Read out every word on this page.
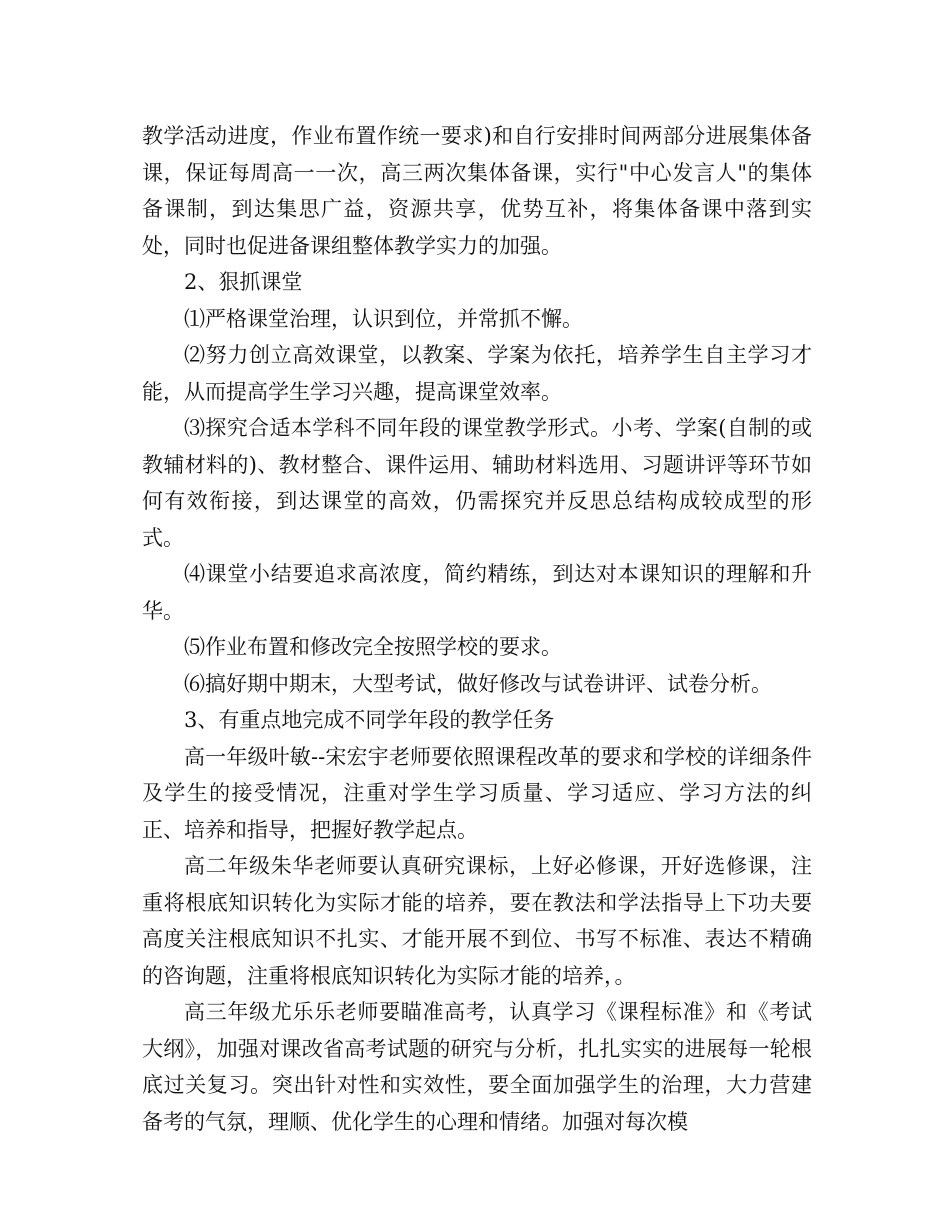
教学活动进度，作业布置作统一要求)和自行安排时间两部分进展集体备课，保证每周高一一次，高三两次集体备课，实行"中心发言人"的集体备课制，到达集思广益，资源共享，优势互补，将集体备课中落到实处，同时也促进备课组整体教学实力的加强。

2、狠抓课堂

⑴严格课堂治理，认识到位，并常抓不懈。

⑵努力创立高效课堂，以教案、学案为依托，培养学生自主学习才能，从而提高学生学习兴趣，提高课堂效率。

⑶探究合适本学科不同年段的课堂教学形式。小考、学案(自制的或教辅材料的)、教材整合、课件运用、辅助材料选用、习题讲评等环节如何有效衔接，到达课堂的高效，仍需探究并反思总结构成较成型的形式。

⑷课堂小结要追求高浓度，简约精练，到达对本课知识的理解和升华。

⑸作业布置和修改完全按照学校的要求。

⑹搞好期中期末，大型考试，做好修改与试卷讲评、试卷分析。

3、有重点地完成不同学年段的教学任务

高一年级叶敏--宋宏宇老师要依照课程改革的要求和学校的详细条件及学生的接受情况，注重对学生学习质量、学习适应、学习方法的纠正、培养和指导，把握好教学起点。

高二年级朱华老师要认真研究课标，上好必修课，开好选修课，注重将根底知识转化为实际才能的培养，要在教法和学法指导上下功夫要高度关注根底知识不扎实、才能开展不到位、书写不标准、表达不精确的咨询题，注重将根底知识转化为实际才能的培养，。

高三年级尤乐乐老师要瞄准高考，认真学习《课程标准》和《考试大纲》，加强对课改省高考试题的研究与分析，扎扎实实的进展每一轮根底过关复习。突出针对性和实效性，要全面加强学生的治理，大力营建备考的气氛，理顺、优化学生的心理和情绪。加强对每次模
